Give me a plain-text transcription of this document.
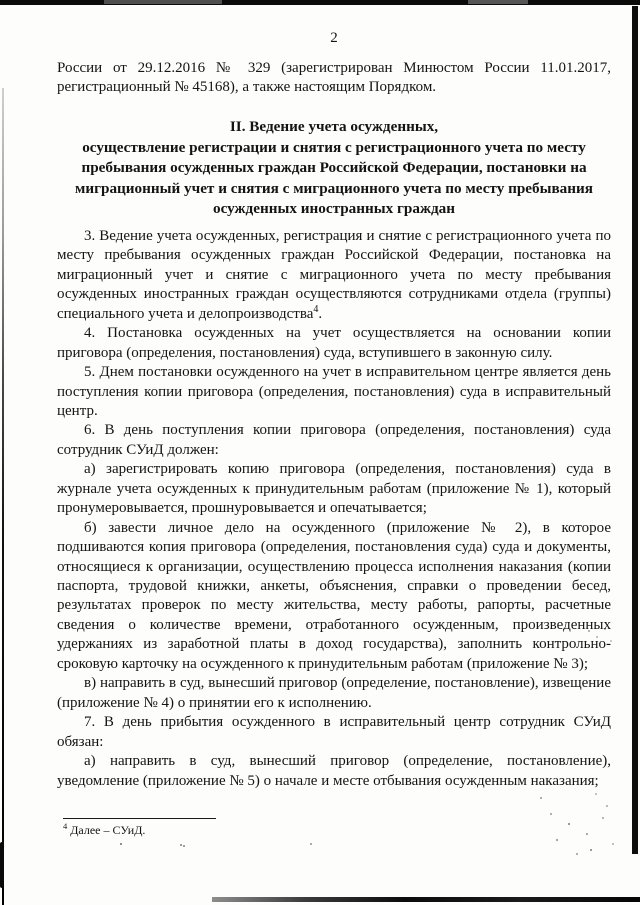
2

России от 29.12.2016 № 329 (зарегистрирован Минюстом России 11.01.2017, регистрационный № 45168), а также настоящим Порядком.

II. Ведение учета осужденных,

осуществление регистрации и снятия с регистрационного учета по месту

пребывания осужденных граждан Российской Федерации, постановки на

миграционный учет и снятия с миграционного учета по месту пребывания

осужденных иностранных граждан

3. Ведение учета осужденных, регистрация и снятие с регистрационного учета по месту пребывания осужденных граждан Российской Федерации, постановка на миграционный учет и снятие с миграционного учета по месту пребывания осужденных иностранных граждан осуществляются сотрудниками отдела (группы) специального учета и делопроизводства$^4$.

4. Постановка осужденных на учет осуществляется на основании копии приговора (определения, постановления) суда, вступившего в законную силу.

5. Днем постановки осужденного на учет в исправительном центре является день поступления копии приговора (определения, постановления) суда в исправительный центр.

6. В день поступления копии приговора (определения, постановления) суда сотрудник СУиД должен:

а) зарегистрировать копию приговора (определения, постановления) суда в журнале учета осужденных к принудительным работам (приложение № 1), который пронумеровывается, прошнуровывается и опечатывается;

б) завести личное дело на осужденного (приложение № 2), в которое подшиваются копия приговора (определения, постановления суда) суда и документы, относящиеся к организации, осуществлению процесса исполнения наказания (копии паспорта, трудовой книжки, анкеты, объяснения, справки о проведении бесед, результатах проверок по месту жительства, месту работы, рапорты, расчетные сведения о количестве времени, отработанного осужденным, произведенных удержаниях из заработной платы в доход государства), заполнить контрольно-сроковую карточку на осужденного к принудительным работам (приложение № 3);

в) направить в суд, вынесший приговор (определение, постановление), извещение (приложение № 4) о принятии его к исполнению.

7. В день прибытия осужденного в исправительный центр сотрудник СУиД обязан:

а) направить в суд, вынесший приговор (определение, постановление), уведомление (приложение № 5) о начале и месте отбывания осужденным наказания;

$^4$ Далее – СУиД.
